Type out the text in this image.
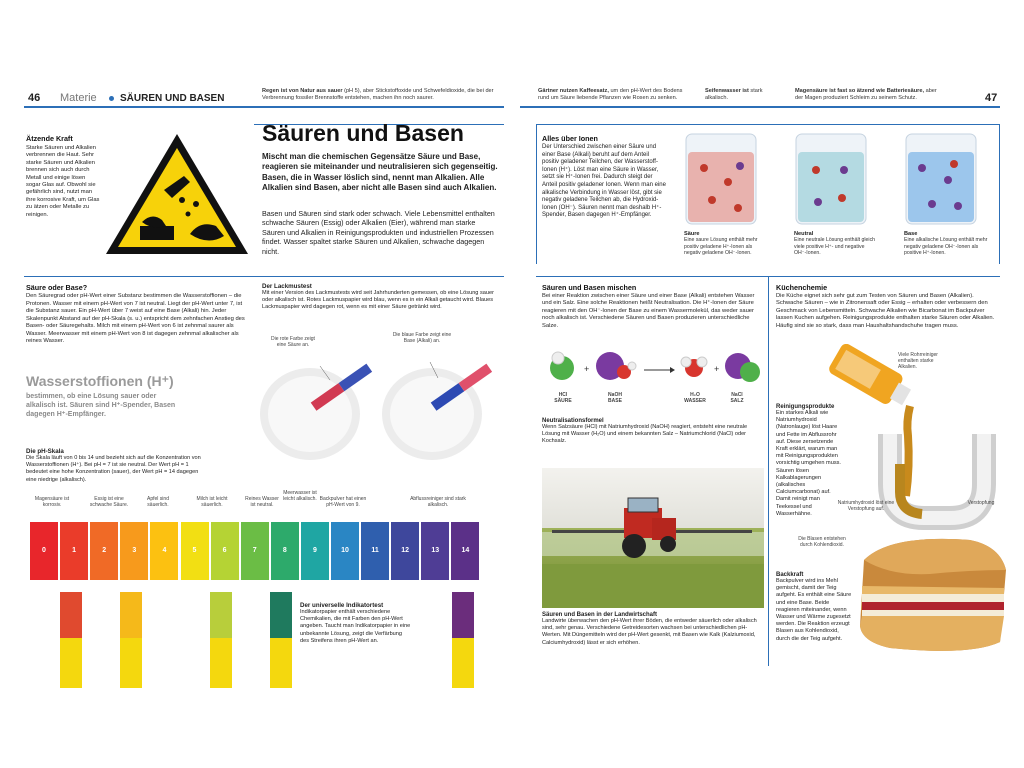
46 Materie SÄUREN UND BASEN
Regen ist von Natur aus sauer (pH 5), aber Stickstoffoxide und Schwefeldioxide, die bei der Verbrennung fossiler Brennstoffe entstehen, machen ihn noch saurer.
Gärtner nutzen Kaffeesatz, um den pH-Wert des Bodens rund um Säure liebende Pflanzen wie Rosen zu senken.
Seifenwasser ist stark alkalisch.
Magensäure ist fast so ätzend wie Batteriesäure, aber der Magen produziert Schleim zu seinem Schutz.	47
Ätzende Kraft
Starke Säuren und Alkalien verbrennen die Haut. Sehr starke Säuren und Alkalien brennen sich auch durch Metall und einige lösen sogar Glas auf. Obwohl sie gefährlich sind, nutzt man ihre korrosive Kraft, um Glas zu ätzen oder Metalle zu reinigen.
Säuren und Basen
Mischt man die chemischen Gegensätze Säure und Base, reagieren sie miteinander und neutralisieren sich gegenseitig. Basen, die in Wasser löslich sind, nennt man Alkalien. Alle Alkalien sind Basen, aber nicht alle Basen sind auch Alkalien.
Basen und Säuren sind stark oder schwach. Viele Lebensmittel enthalten schwache Säuren (Essig) oder Alkalien (Eier), während man starke Säuren und Alkalien in Reinigungsprodukten und industriellen Prozessen findet. Wasser spaltet starke Säuren und Alkalien, schwache dagegen nicht.
Säure oder Base?
Den Säuregrad oder pH-Wert einer Substanz bestimmen die Wasserstoffionen – die Protonen. Wasser mit einem pH-Wert von 7 ist neutral. Liegt der pH-Wert unter 7, ist die Substanz sauer. Ein pH-Wert über 7 weist auf eine Base (Alkali) hin. Jeder Skalenpunkt Abstand auf der pH-Skala (s. u.) entspricht dem zehnfachen Anstieg des Basen- oder Säuregehalts. Milch mit einem pH-Wert von 6 ist zehnmal saurer als Wasser. Meerwasser mit einem pH-Wert von 8 ist dagegen zehnmal alkalischer als reines Wasser.
Wasserstoffionen (H⁺)
bestimmen, ob eine Lösung sauer oder alkalisch ist. Säuren sind H⁺-Spender, Basen dagegen H⁺-Empfänger.
Die pH-Skala
Die Skala läuft von 0 bis 14 und bezieht sich auf die Konzentration von Wasserstoffionen (H⁺). Bei pH = 7 ist sie neutral. Der Wert pH = 1 bedeutet eine hohe Konzentration (sauer), der Wert pH = 14 dagegen eine niedrige (alkalisch).
Der Lackmustest
Mit einer Version des Lackmustests wird seit Jahrhunderten gemessen, ob eine Lösung sauer oder alkalisch ist. Rotes Lackmuspapier wird blau, wenn es in ein Alkali getaucht wird. Blaues Lackmuspapier wird dagegen rot, wenn es mit einer Säure getränkt wird.
Die rote Farbe zeigt eine Säure an.
Die blaue Farbe zeigt eine Base (Alkali) an.
Magensäure ist korrosiv.
Essig ist eine schwache Säure.
Apfel sind säuerlich.
Milch ist leicht säuerlich.
Reines Wasser ist neutral.
Meerwasser ist leicht alkalisch. Backpulver hat einen pH-Wert von 9.
Abflussreiniger sind stark alkalisch.
0	1	2	3	4	5	6	7	8	9	10	11	12	13	14
Der universelle Indikatortest
Indikatorpapier enthält verschiedene Chemikalien, die mit Farben den pH-Wert angeben. Taucht man Indikatorpapier in eine unbekannte Lösung, zeigt die Verfärbung des Streifens ihren pH-Wert an.
Alles über Ionen
Der Unterschied zwischen einer Säure und einer Base (Alkali) beruht auf dem Anteil positiv geladener Teilchen, der Wasserstoff-Ionen (H⁺). Löst man eine Säure in Wasser, setzt sie H⁺-Ionen frei. Dadurch steigt der Anteil positiv geladener Ionen. Wenn man eine alkalische Verbindung in Wasser löst, gibt sie negativ geladene Teilchen ab, die Hydroxid-Ionen (OH⁻). Säuren nennt man deshalb H⁺-Spender, Basen dagegen H⁺-Empfänger.
Säure
Eine saure Lösung enthält mehr positiv geladene H⁺-Ionen als negativ geladene OH⁻-Ionen.
Neutral
Eine neutrale Lösung enthält gleich viele positive H⁺- und negative OH⁻-Ionen.
Base
Eine alkalische Lösung enthält mehr negativ geladene OH⁻-Ionen als positive H⁺-Ionen.
Säuren und Basen mischen
Bei einer Reaktion zwischen einer Säure und einer Base (Alkali) entstehen Wasser und ein Salz. Eine solche Reaktionen heißt Neutralisation. Die H⁺-Ionen der Säure reagieren mit den OH⁻-Ionen der Base zu einem Wassermolekül, das weder sauer noch alkalisch ist. Verschiedene Säuren und Basen produzieren unterschiedliche Salze.
+	+
HCl
SÄURE
NaOH
BASE
H₂O
WASSER
NaCl
SALZ
Neutralisationsformel
Wenn Salzsäure (HCl) mit Natriumhydroxid (NaOH) reagiert, entsteht eine neutrale Lösung mit Wasser (H₂O) und einem bekannten Salz – Natriumchlorid (NaCl) oder Kochsalz.
Säuren und Basen in der Landwirtschaft
Landwirte überwachen den pH-Wert ihrer Böden, die entweder säuerlich oder alkalisch sind, sehr genau. Verschiedene Getreidesorten wachsen bei unterschiedlichen pH-Werten. Mit Düngemitteln wird der pH-Wert gesenkt, mit Basen wie Kalk (Kalziumoxid, Calciumhydroxid) lässt er sich erhöhen.
Küchenchemie
Die Küche eignet sich sehr gut zum Testen von Säuren und Basen (Alkalien). Schwache Säuren – wie in Zitronensaft oder Essig – erhalten oder verbessern den Geschmack von Lebensmitteln. Schwache Alkalien wie Bicarbonat im Backpulver lassen Kuchen aufgehen. Reinigungsprodukte enthalten starke Säuren oder Alkalien. Häufig sind sie so stark, dass man Haushaltshandschuhe tragen muss.
Viele Rohrreiniger enthalten starke Alkalien.
Reinigungsprodukte
Ein starkes Alkali wie Natriumhydroxid (Natronlauge) löst Haare und Fette im Abflussrohr auf. Diese zersetzende Kraft erklärt, warum man mit Reinigungsprodukten vorsichtig umgehen muss. Säuren lösen Kalkablagerungen (alkalisches Calciumcarbonat) auf. Damit reinigt man Teekessel und Wasserhähne.
Natriumhydroxid löst eine Verstopfung auf.
Verstopfung
Die Blasen entstehen durch Kohlendioxid.
Backkraft
Backpulver wird ins Mehl gemischt, damit der Teig aufgeht. Es enthält eine Säure und eine Base. Beide reagieren miteinander, wenn Wasser und Wärme zugesetzt werden. Die Reaktion erzeugt Blasen aus Kohlendioxid, durch die der Teig aufgeht.
